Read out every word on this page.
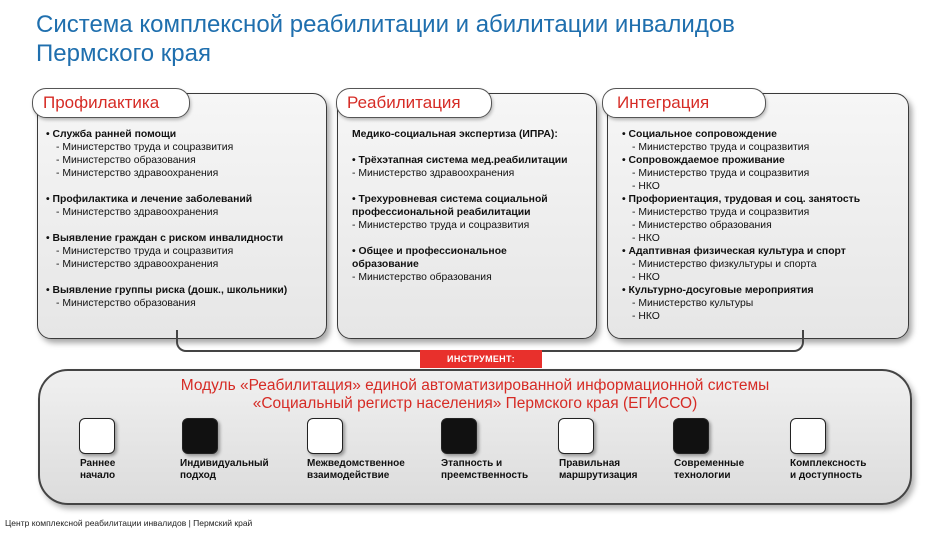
Система комплексной реабилитации и абилитации инвалидов
Пермского края
Профилактика
• Служба ранней помощи
- Министерство труда и соцразвития
- Министерство образования
- Министерство здравоохранения
• Профилактика и лечение заболеваний
- Министерство здравоохранения
• Выявление граждан с риском инвалидности
- Министерство труда и соцразвития
- Министерство здравоохранения
• Выявление группы риска (дошк., школьники)
- Министерство образования
Реабилитация
Медико-социальная экспертиза (ИПРА):
• Трёхэтапная система мед.реабилитации
- Министерство здравоохранения
• Трехуровневая система социальной
профессиональной реабилитации
- Министерство труда и соцразвития
• Общее и профессиональное
образование
- Министерство образования
Интеграция
• Социальное сопровождение
- Министерство труда и соцразвития
• Сопровождаемое проживание
- Министерство труда и соцразвития
- НКО
• Профориентация, трудовая и соц. занятость
- Министерство труда и соцразвития
- Министерство образования
- НКО
• Адаптивная физическая культура и спорт
- Министерство физкультуры и спорта
- НКО
• Культурно-досуговые мероприятия
- Министерство культуры
- НКО
ИНСТРУМЕНТ:
Модуль «Реабилитация» единой автоматизированной информационной системы
«Социальный регистр населения» Пермского края (ЕГИССО)
Раннее
начало
Индивидуальный
подход
Межведомственное
взаимодействие
Этапность и
преемственность
Правильная
маршрутизация
Современные
технологии
Комплексность
и доступность
Центр комплексной реабилитации инвалидов | Пермский край
